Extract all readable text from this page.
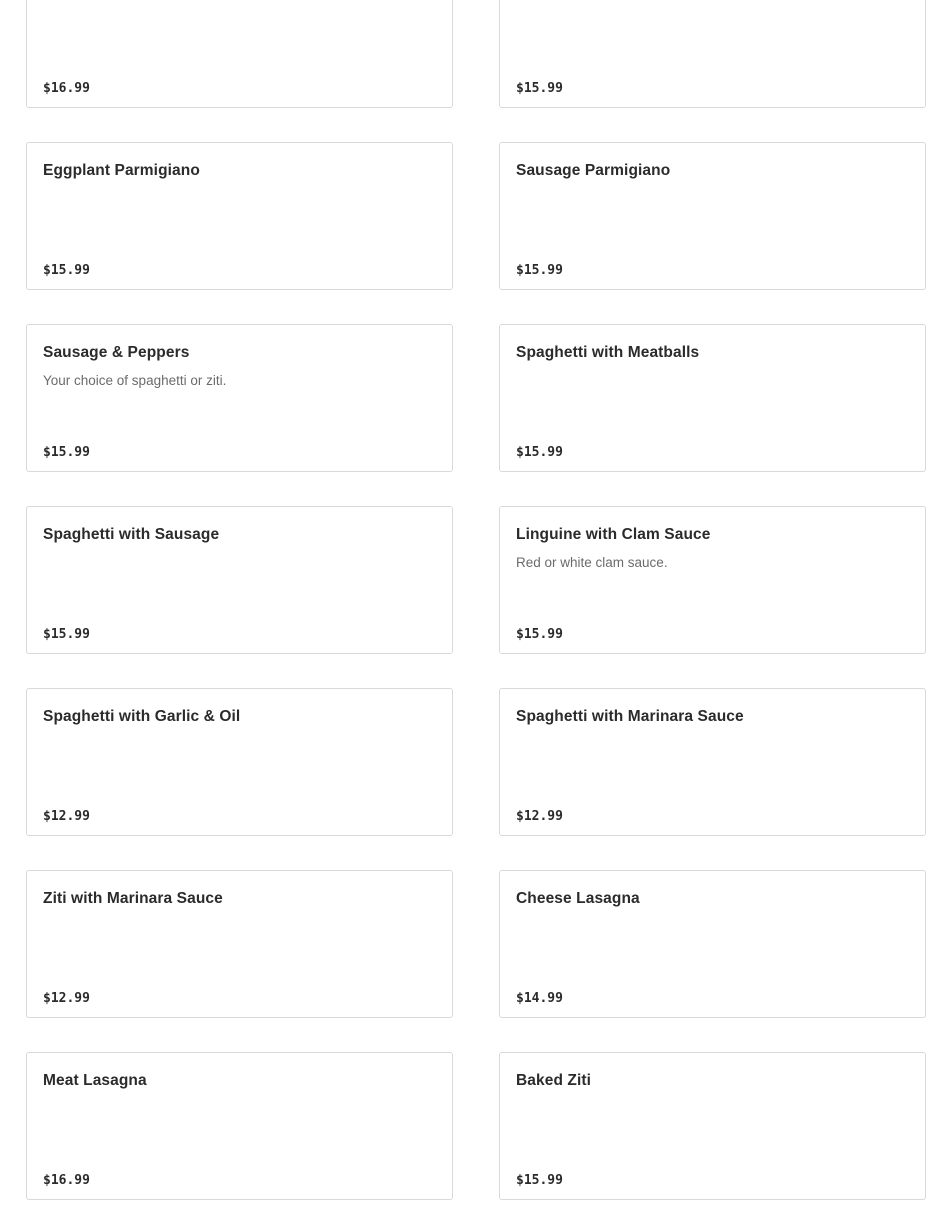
$16.99	$15.99
Eggplant Parmigiano
$15.99
Sausage Parmigiano
$15.99
Sausage & Peppers
Your choice of spaghetti or ziti.
$15.99
Spaghetti with Meatballs
$15.99
Spaghetti with Sausage
$15.99
Linguine with Clam Sauce
Red or white clam sauce.
$15.99
Spaghetti with Garlic & Oil
$12.99
Spaghetti with Marinara Sauce
$12.99
Ziti with Marinara Sauce
$12.99
Cheese Lasagna
$14.99
Meat Lasagna
$16.99
Baked Ziti
$15.99
